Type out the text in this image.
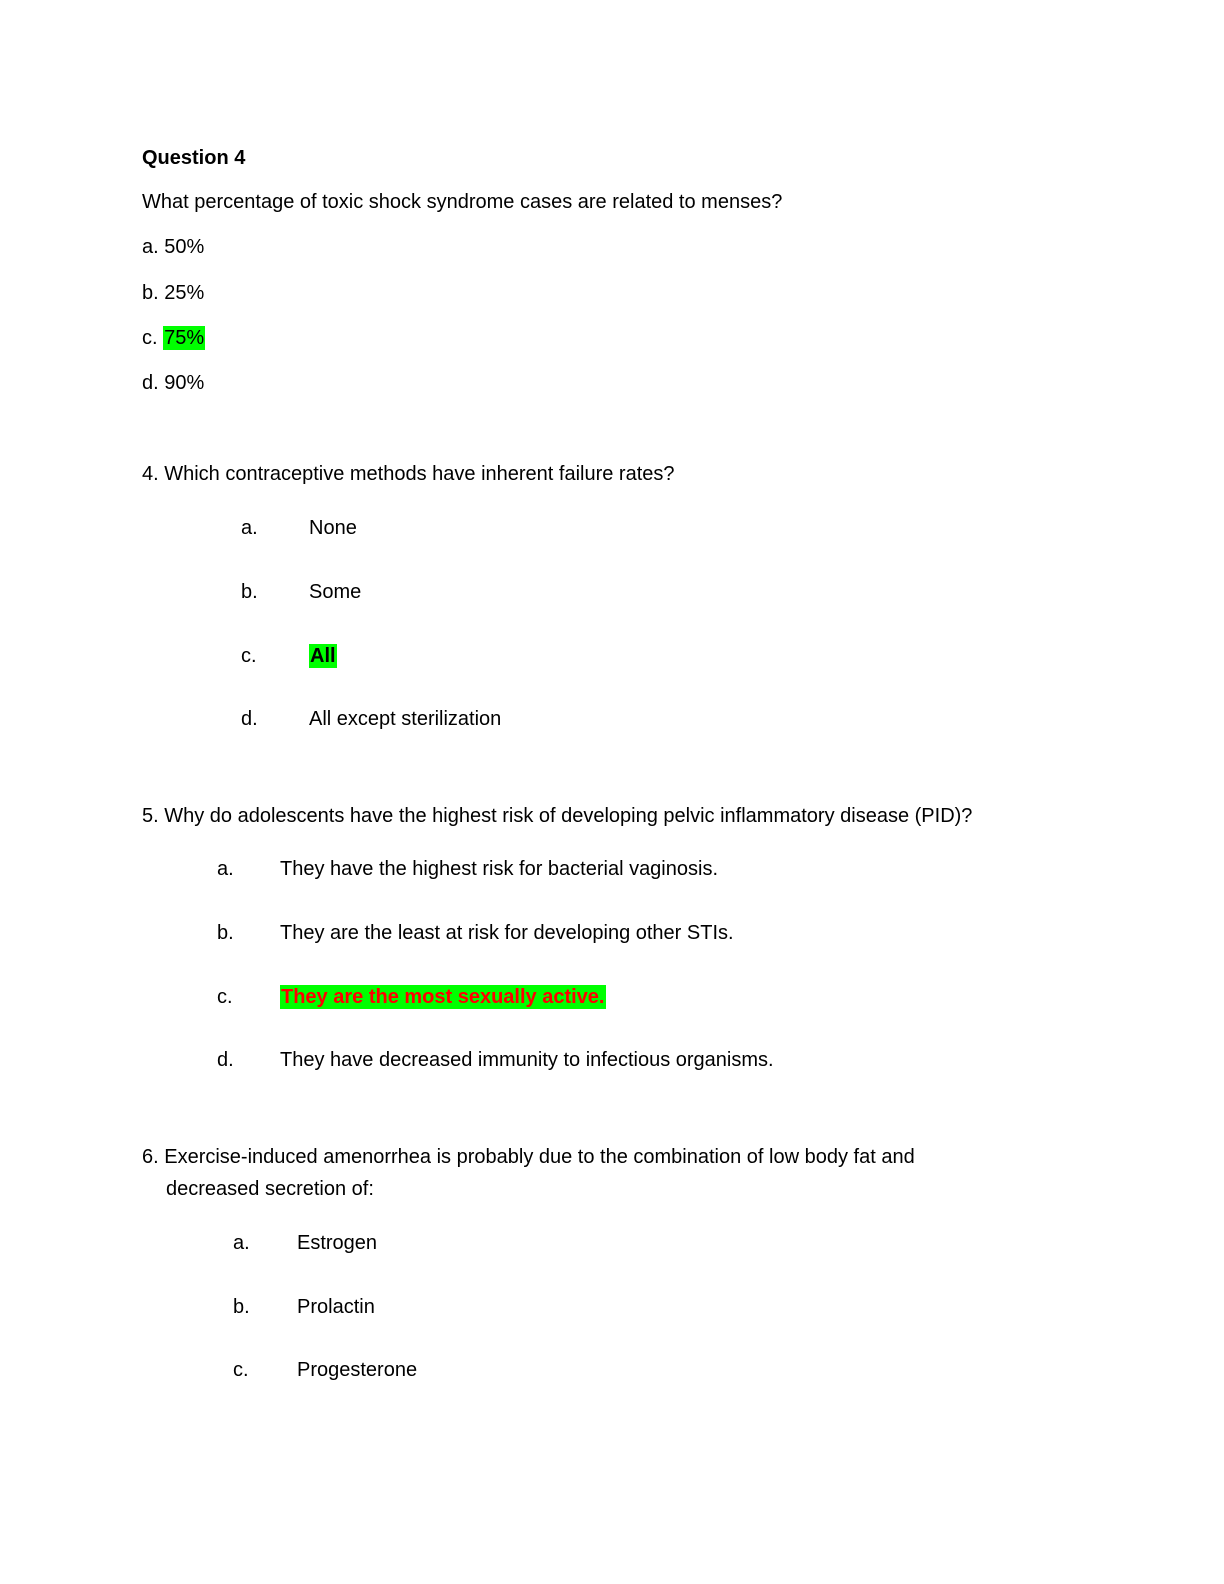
Question 4
What percentage of toxic shock syndrome cases are related to menses?
a. 50%
b. 25%
c. 75%
d. 90%
4. Which contraceptive methods have inherent failure rates?
a.	None
b.	Some
c.	All
d.	All except sterilization
5. Why do adolescents have the highest risk of developing pelvic inflammatory disease (PID)?
a. They have the highest risk for bacterial vaginosis.
b. They are the least at risk for developing other STIs.
c. They are the most sexually active.
d. They have decreased immunity to infectious organisms.
6. Exercise-induced amenorrhea is probably due to the combination of low body fat and
decreased secretion of:
a. Estrogen
b. Prolactin
c. Progesterone
